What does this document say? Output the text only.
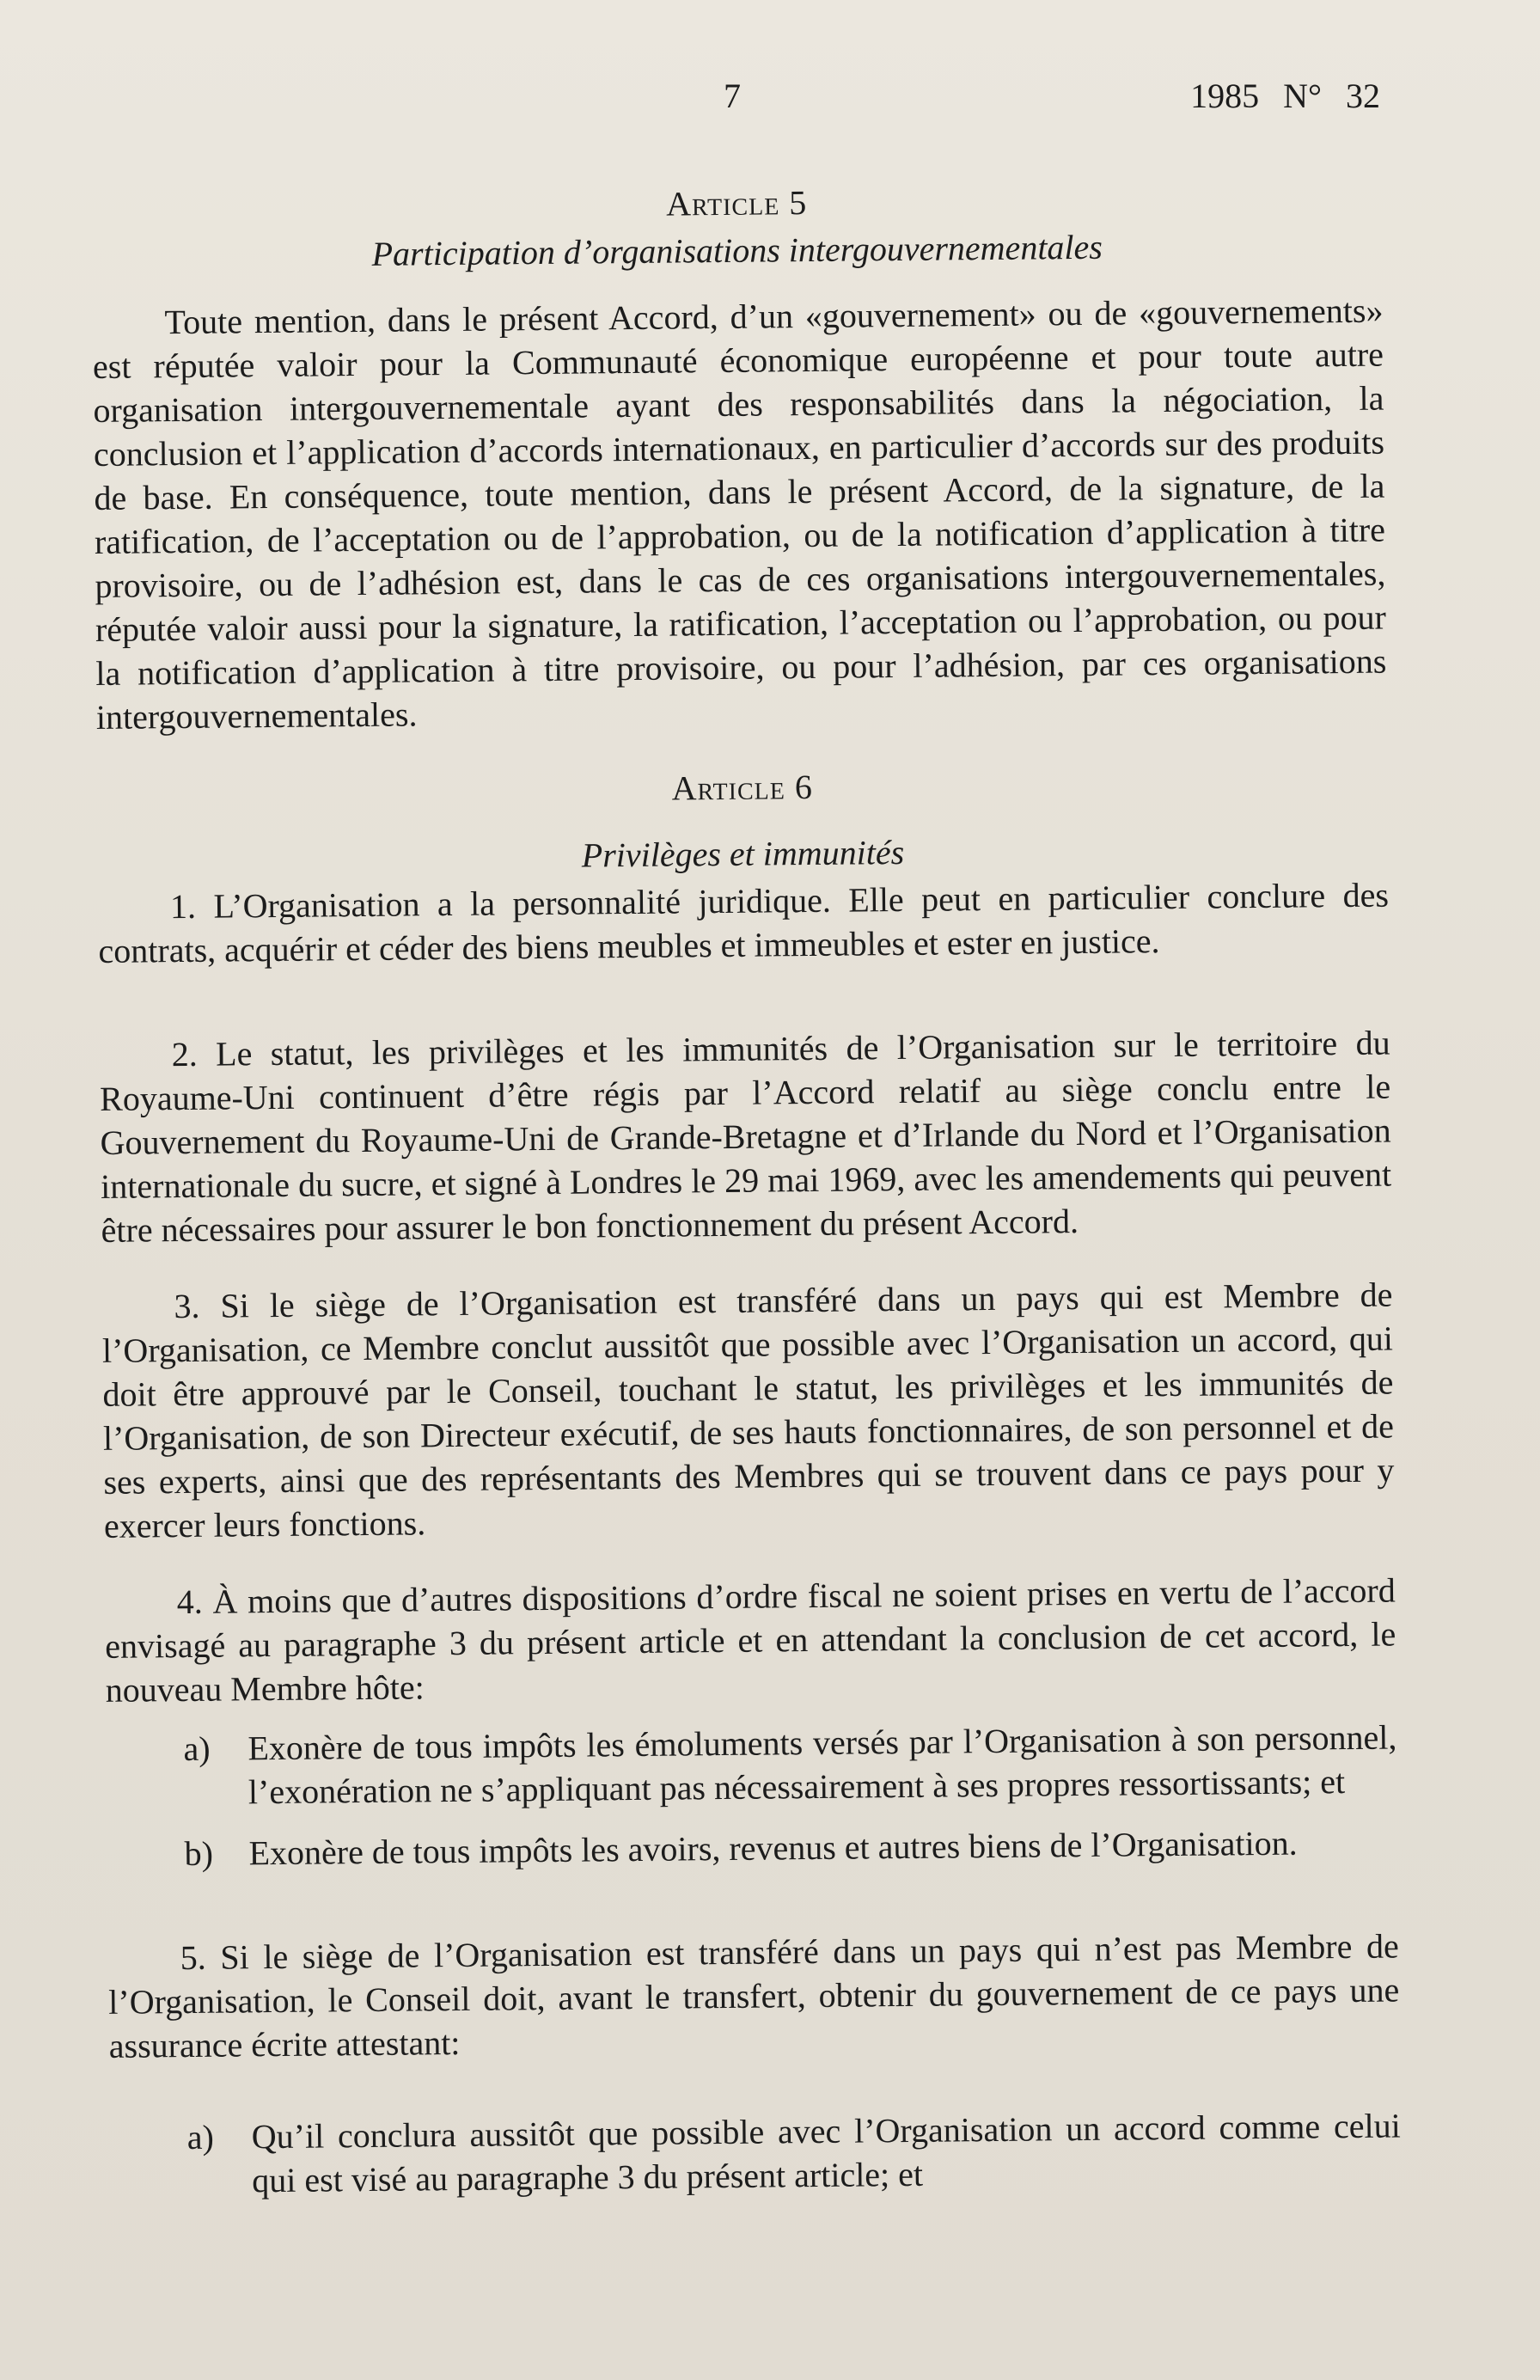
7	1985 N° 32

Article 5

Participation d’organisations intergouvernementales

Toute mention, dans le présent Accord, d’un «gouvernement» ou de «gouvernements» est réputée valoir pour la Communauté économique européenne et pour toute autre organisation intergouvernementale ayant des responsabilités dans la négociation, la conclusion et l’application d’accords internationaux, en particulier d’accords sur des produits de base. En conséquence, toute mention, dans le présent Accord, de la signature, de la ratification, de l’acceptation ou de l’approbation, ou de la notification d’application à titre provisoire, ou de l’adhésion est, dans le cas de ces organisations intergouvernementales, réputée valoir aussi pour la signature, la ratification, l’acceptation ou l’approbation, ou pour la notification d’application à titre provisoire, ou pour l’adhésion, par ces organisations intergouvernementales.

Article 6

Privilèges et immunités

1. L’Organisation a la personnalité juridique. Elle peut en particulier conclure des contrats, acquérir et céder des biens meubles et immeubles et ester en justice.

2. Le statut, les privilèges et les immunités de l’Organisation sur le territoire du Royaume-Uni continuent d’être régis par l’Accord relatif au siège conclu entre le Gouvernement du Royaume-Uni de Grande-Bretagne et d’Irlande du Nord et l’Organisation internationale du sucre, et signé à Londres le 29 mai 1969, avec les amendements qui peuvent être nécessaires pour assurer le bon fonctionnement du présent Accord.

3. Si le siège de l’Organisation est transféré dans un pays qui est Membre de l’Organisation, ce Membre conclut aussitôt que possible avec l’Organisation un accord, qui doit être approuvé par le Conseil, touchant le statut, les privilèges et les immunités de l’Organisation, de son Directeur exécutif, de ses hauts fonctionnaires, de son personnel et de ses experts, ainsi que des représentants des Membres qui se trouvent dans ce pays pour y exercer leurs fonctions.

4. À moins que d’autres dispositions d’ordre fiscal ne soient prises en vertu de l’accord envisagé au paragraphe 3 du présent article et en attendant la conclusion de cet accord, le nouveau Membre hôte:

a)	Exonère de tous impôts les émoluments versés par l’Organisation à son personnel, l’exonération ne s’appliquant pas nécessairement à ses propres ressortissants; et
b)	Exonère de tous impôts les avoirs, revenus et autres biens de l’Organisation.

5. Si le siège de l’Organisation est transféré dans un pays qui n’est pas Membre de l’Organisation, le Conseil doit, avant le transfert, obtenir du gouvernement de ce pays une assurance écrite attestant:

a)	Qu’il conclura aussitôt que possible avec l’Organisation un accord comme celui qui est visé au paragraphe 3 du présent article; et
